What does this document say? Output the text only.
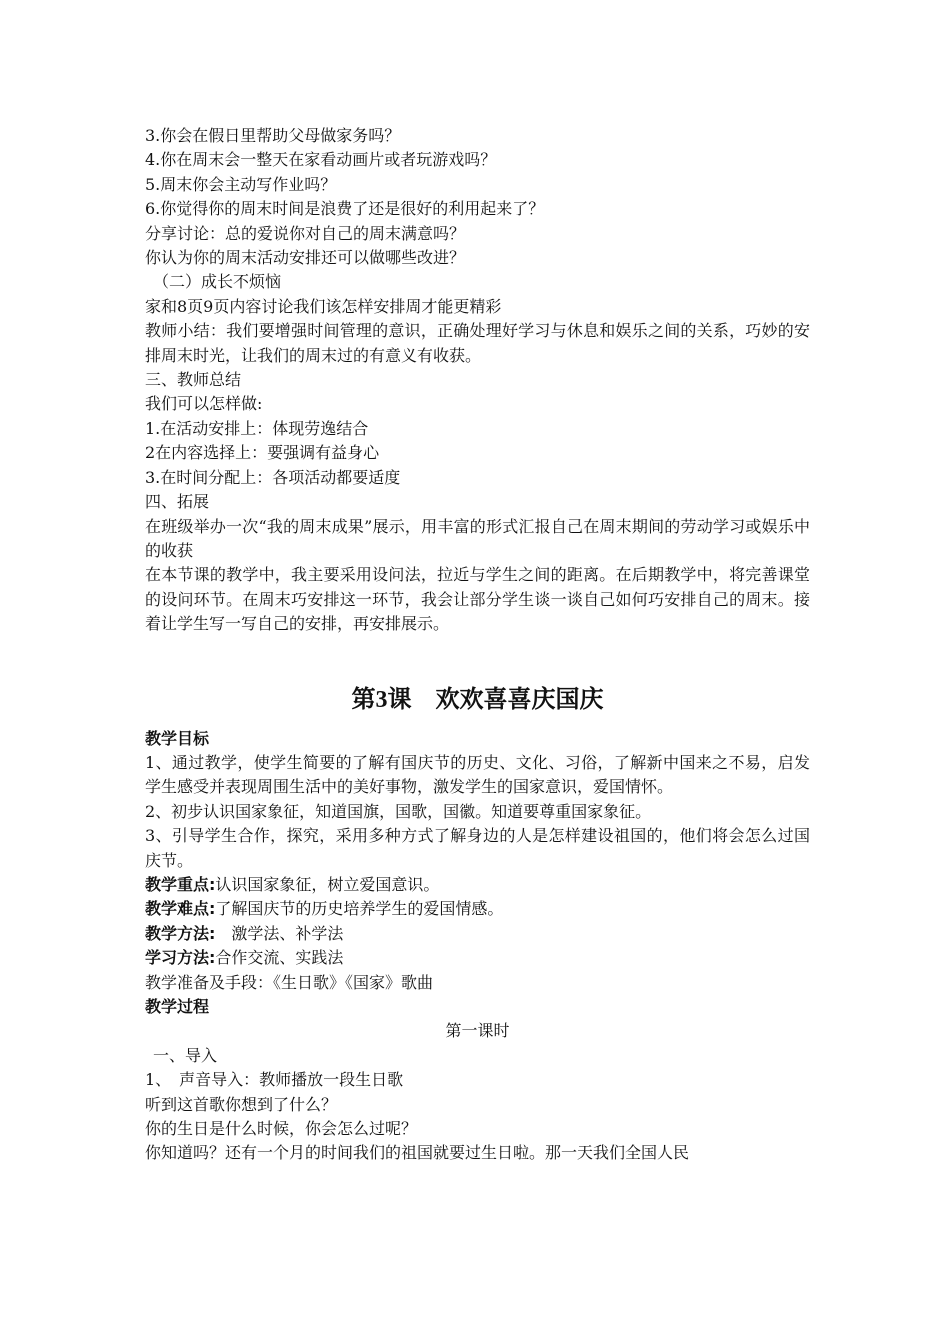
3.你会在假日里帮助父母做家务吗？
4.你在周末会一整天在家看动画片或者玩游戏吗？
5.周末你会主动写作业吗？
6.你觉得你的周末时间是浪费了还是很好的利用起来了？
分享讨论：总的爱说你对自己的周末满意吗？
你认为你的周末活动安排还可以做哪些改进？
（二）成长不烦恼
家和8页9页内容讨论我们该怎样安排周才能更精彩
教师小结：我们要增强时间管理的意识，正确处理好学习与休息和娱乐之间的关系，巧妙的安排周末时光，让我们的周末过的有意义有收获。
三、教师总结
我们可以怎样做:
1.在活动安排上：体现劳逸结合
2在内容选择上：要强调有益身心
3.在时间分配上：各项活动都要适度
四、拓展
在班级举办一次“我的周末成果”展示，用丰富的形式汇报自己在周末期间的劳动学习或娱乐中的收获
在本节课的教学中，我主要采用设问法，拉近与学生之间的距离。在后期教学中，将完善课堂的设问环节。在周末巧安排这一环节，我会让部分学生谈一谈自己如何巧安排自己的周末。接着让学生写一写自己的安排，再安排展示。
第3课　欢欢喜喜庆国庆
教学目标
1、通过教学，使学生简要的了解有国庆节的历史、文化、习俗，了解新中国来之不易，启发学生感受并表现周围生活中的美好事物，激发学生的国家意识，爱国情怀。
2、初步认识国家象征，知道国旗，国歌，国徽。知道要尊重国家象征。
3、引导学生合作，探究，采用多种方式了解身边的人是怎样建设祖国的，他们将会怎么过国庆节。
教学重点:认识国家象征，树立爱国意识。
教学难点:了解国庆节的历史培养学生的爱国情感。
教学方法:　激学法、补学法
学习方法:合作交流、实践法
教学准备及手段：《生日歌》《国家》歌曲
教学过程
第一课时
一、导入
1、　声音导入：教师播放一段生日歌
听到这首歌你想到了什么？
你的生日是什么时候，你会怎么过呢？
你知道吗？还有一个月的时间我们的祖国就要过生日啦。那一天我们全国人民
